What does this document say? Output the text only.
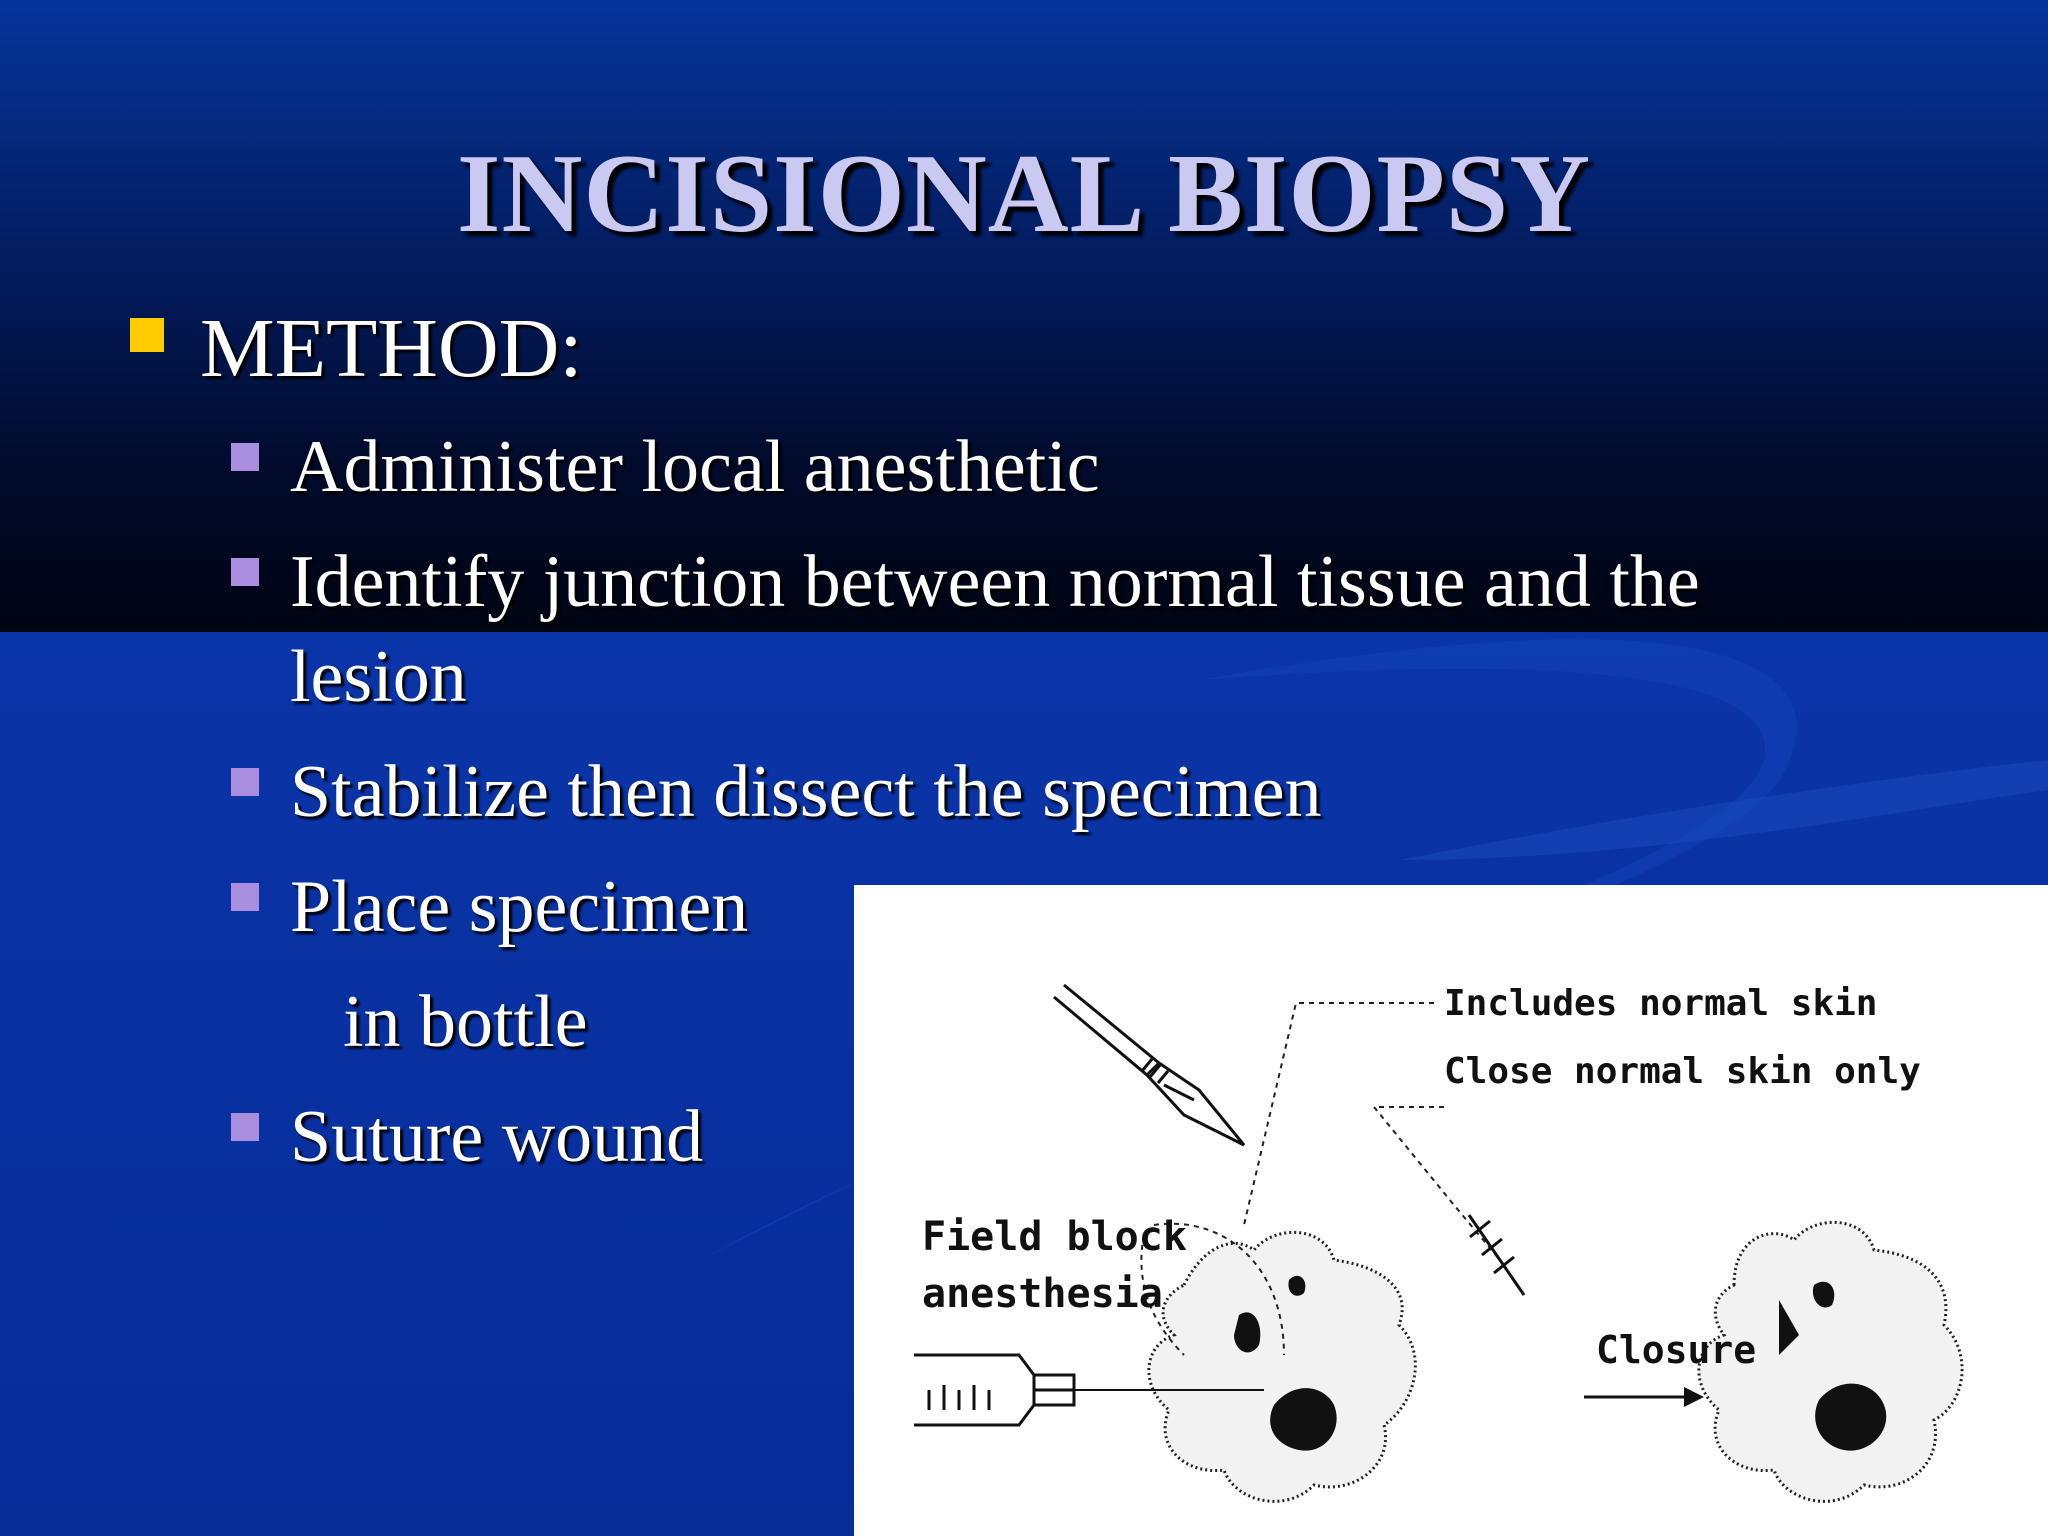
INCISIONAL BIOPSY
METHOD:
Administer local anesthetic
Identify junction between normal tissue and the
lesion
Stabilize then dissect the specimen
Place specimen
in bottle
Suture wound
Field block
anesthesia
Includes normal skin
Close normal skin only
Closure
